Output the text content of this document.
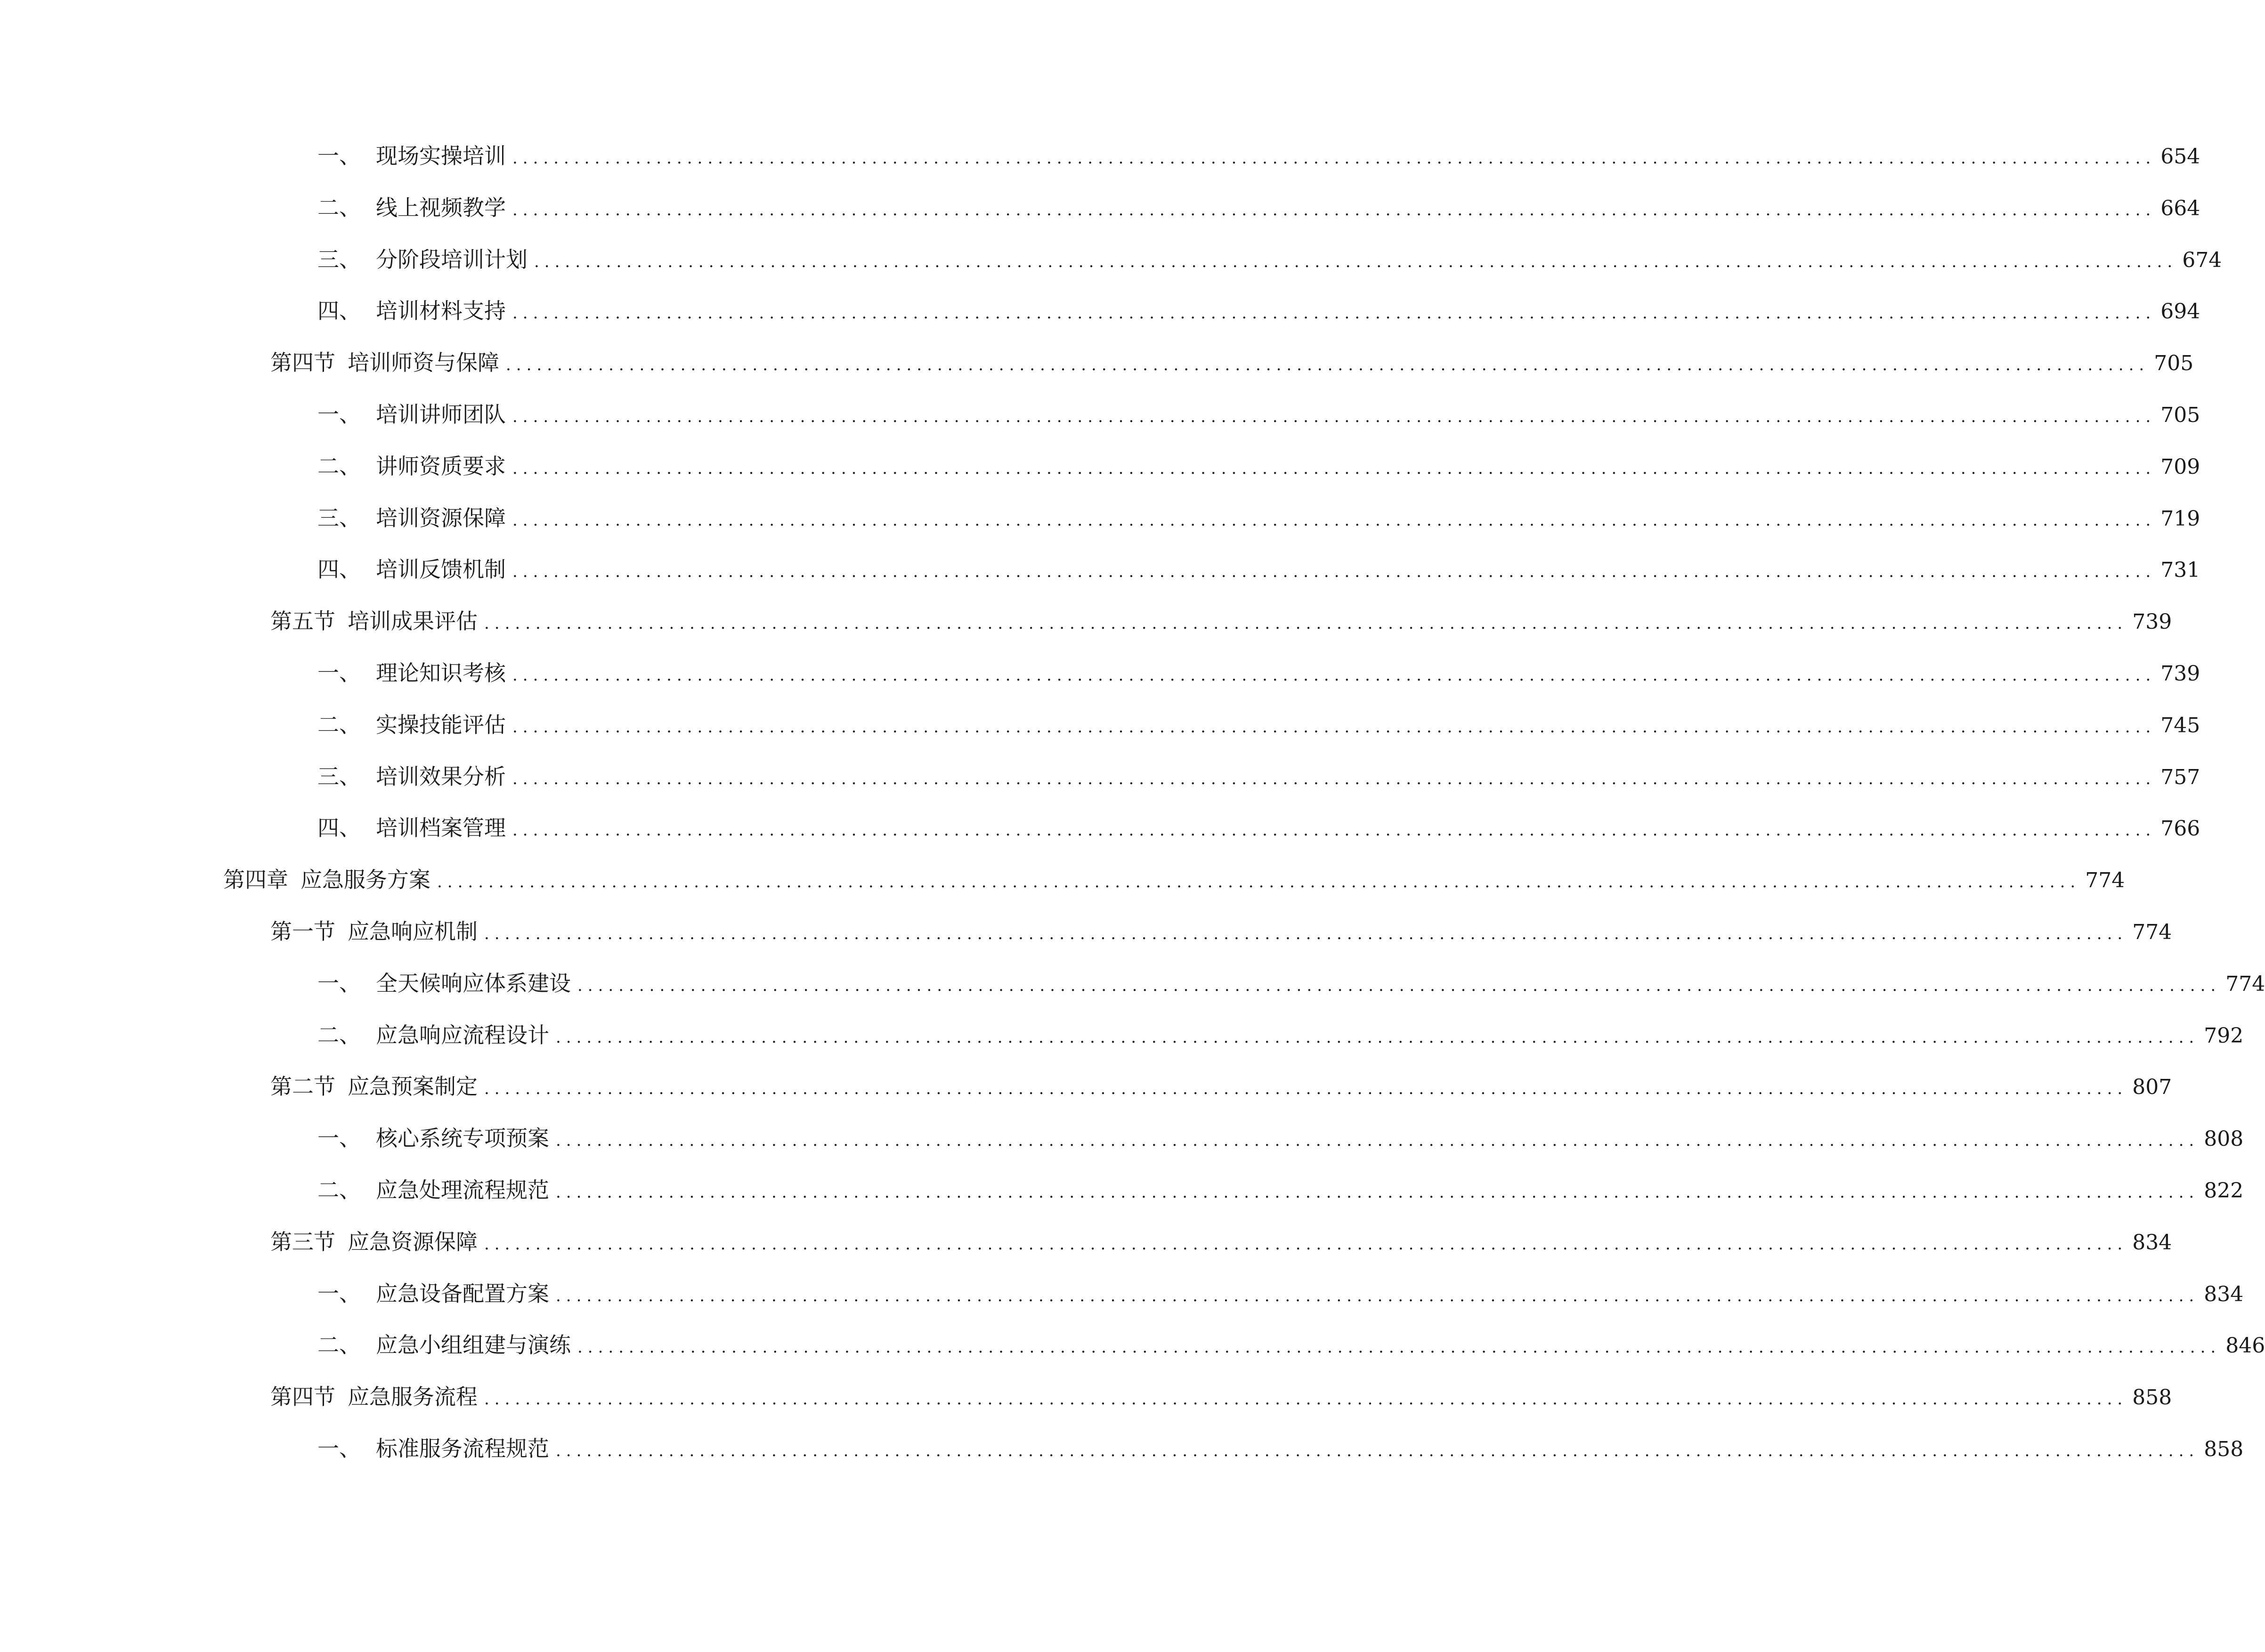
一、 现场实操培训 ................................................................................................................................................................ 654
二、 线上视频教学 ................................................................................................................................................................ 664
三、 分阶段培训计划 ................................................................................................................................................................ 674
四、 培训材料支持 ................................................................................................................................................................ 694
第四节 培训师资与保障 ................................................................................................................................................................ 705
一、 培训讲师团队 ................................................................................................................................................................ 705
二、 讲师资质要求 ................................................................................................................................................................ 709
三、 培训资源保障 ................................................................................................................................................................ 719
四、 培训反馈机制 ................................................................................................................................................................ 731
第五节 培训成果评估 ................................................................................................................................................................ 739
一、 理论知识考核 ................................................................................................................................................................ 739
二、 实操技能评估 ................................................................................................................................................................ 745
三、 培训效果分析 ................................................................................................................................................................ 757
四、 培训档案管理 ................................................................................................................................................................ 766
第四章 应急服务方案 ................................................................................................................................................................ 774
第一节 应急响应机制 ................................................................................................................................................................ 774
一、 全天候响应体系建设 ................................................................................................................................................................ 774
二、 应急响应流程设计 ................................................................................................................................................................ 792
第二节 应急预案制定 ................................................................................................................................................................ 807
一、 核心系统专项预案 ................................................................................................................................................................ 808
二、 应急处理流程规范 ................................................................................................................................................................ 822
第三节 应急资源保障 ................................................................................................................................................................ 834
一、 应急设备配置方案 ................................................................................................................................................................ 834
二、 应急小组组建与演练 ................................................................................................................................................................ 846
第四节 应急服务流程 ................................................................................................................................................................ 858
一、 标准服务流程规范 ................................................................................................................................................................ 858
